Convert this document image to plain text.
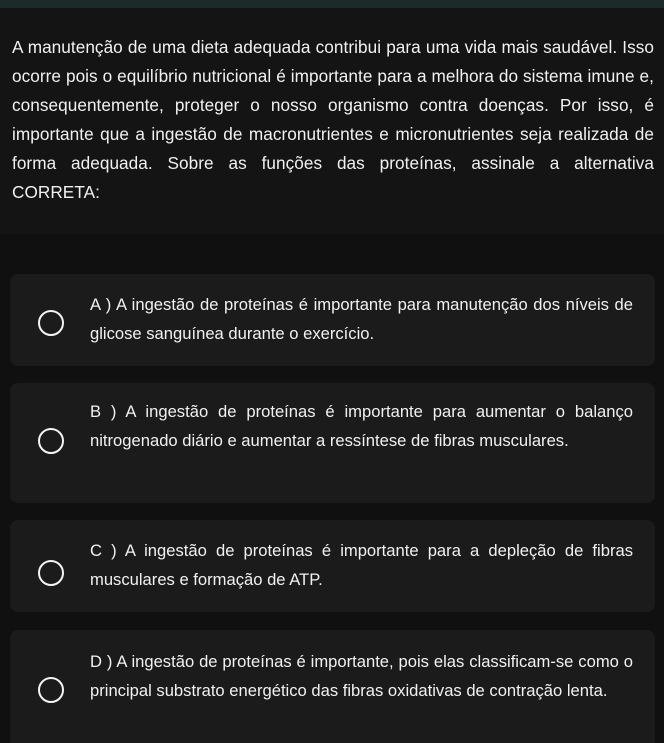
A manutenção de uma dieta adequada contribui para uma vida mais saudável. Isso ocorre pois o equilíbrio nutricional é importante para a melhora do sistema imune e, consequentemente, proteger o nosso organismo contra doenças. Por isso, é importante que a ingestão de macronutrientes e micronutrientes seja realizada de forma adequada. Sobre as funções das proteínas, assinale a alternativa CORRETA:

A ) A ingestão de proteínas é importante para manutenção dos níveis de glicose sanguínea durante o exercício.
B ) A ingestão de proteínas é importante para aumentar o balanço nitrogenado diário e aumentar a ressíntese de fibras musculares.
C ) A ingestão de proteínas é importante para a depleção de fibras musculares e formação de ATP.
D ) A ingestão de proteínas é importante, pois elas classificam-se como o principal substrato energético das fibras oxidativas de contração lenta.
